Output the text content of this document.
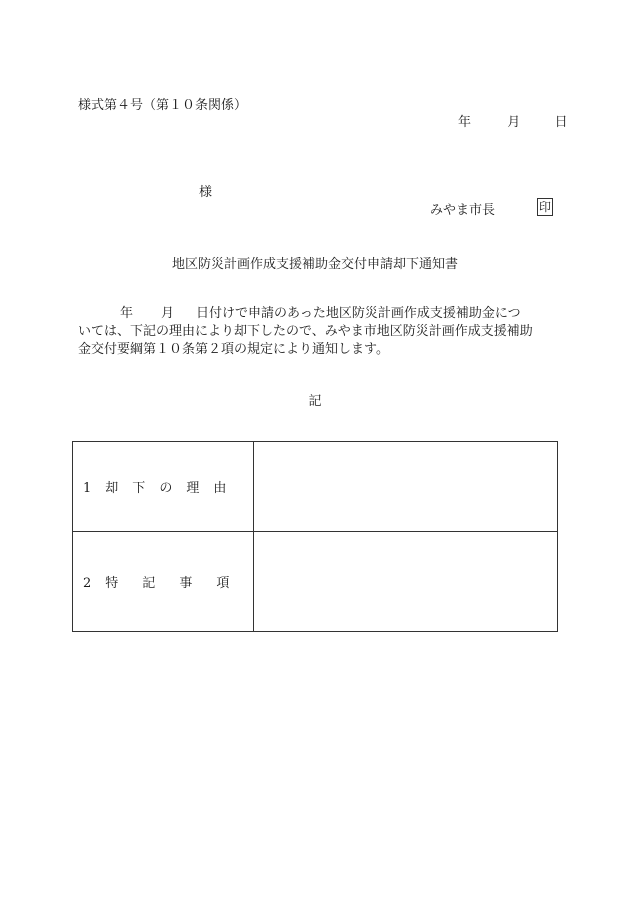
様式第４号（第１０条関係）
年	月	日
様
みやま市長	印
地区防災計画作成支援補助金交付申請却下通知書
年 月 日付けで申請のあった地区防災計画作成支援補助金につ
いては、下記の理由により却下したので、みやま市地区防災計画作成支援補助
金交付要綱第１０条第２項の規定により通知します。
記
1 却 下 の 理 由	
2 特 記 事 項	
